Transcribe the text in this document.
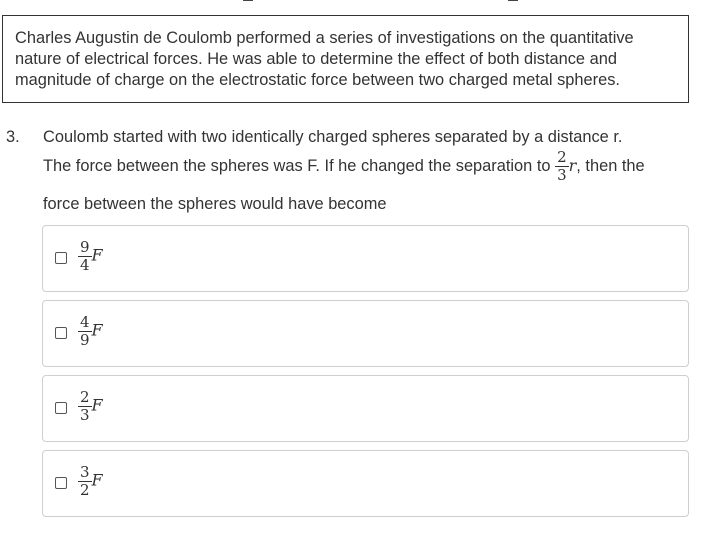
Charles Augustin de Coulomb performed a series of investigations on the quantitative nature of electrical forces. He was able to determine the effect of both distance and magnitude of charge on the electrostatic force between two charged metal spheres.
3. Coulomb started with two identically charged spheres separated by a distance r.
The force between the spheres was F. If he changed the separation to $\frac{2}{3} r$, then the
force between the spheres would have become
$\frac{9}{4}$ F
$\frac{4}{9}$ F
$\frac{2}{3}$ F
$\frac{3}{2}$ F
